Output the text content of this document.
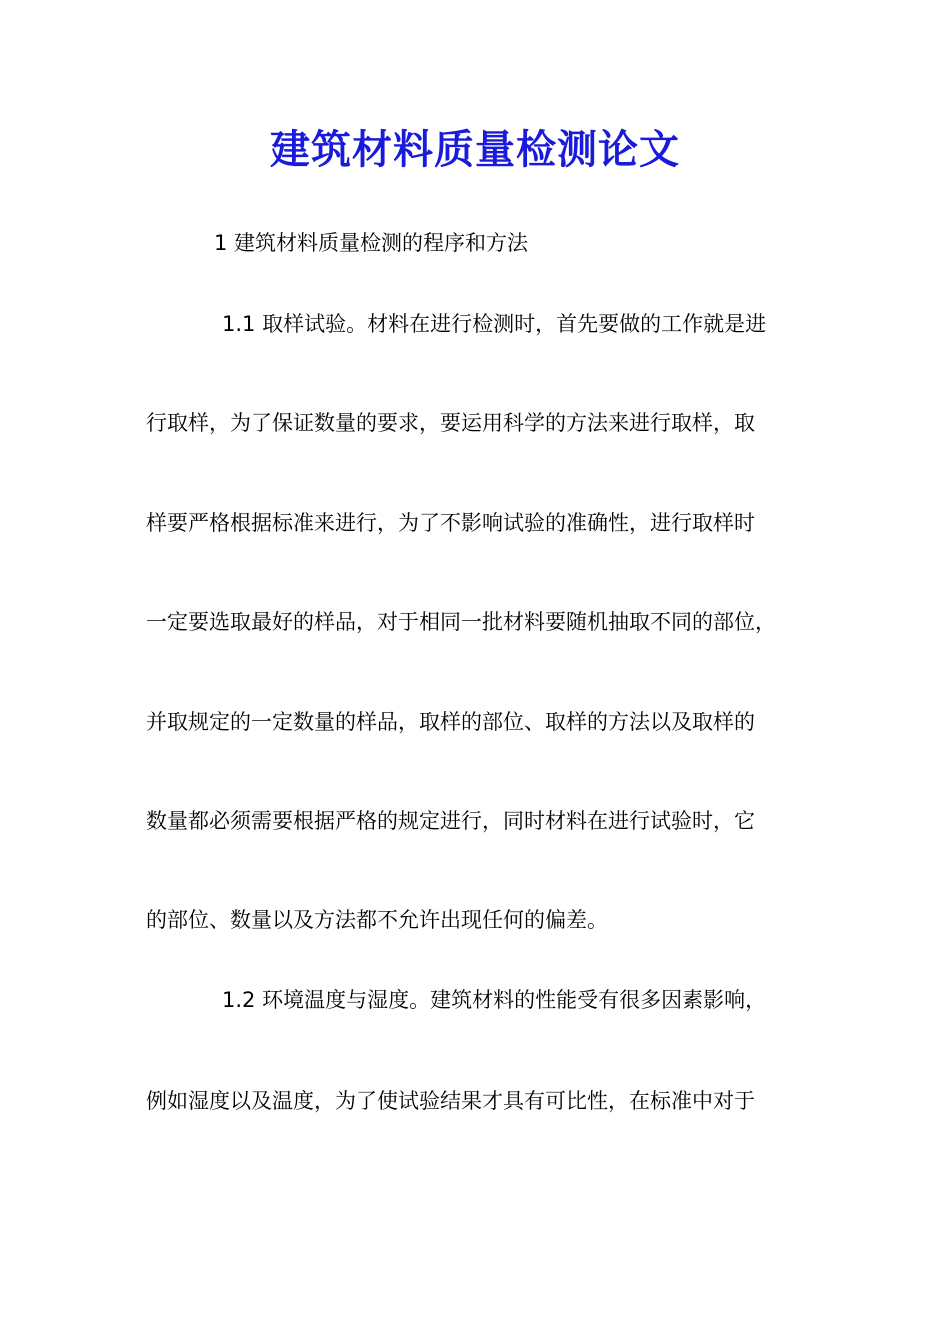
建筑材料质量检测论文
1 建筑材料质量检测的程序和方法
1.1 取样试验。材料在进行检测时，首先要做的工作就是进
行取样，为了保证数量的要求，要运用科学的方法来进行取样，取
样要严格根据标准来进行，为了不影响试验的准确性，进行取样时
一定要选取最好的样品，对于相同一批材料要随机抽取不同的部位，
并取规定的一定数量的样品，取样的部位、取样的方法以及取样的
数量都必须需要根据严格的规定进行，同时材料在进行试验时，它
的部位、数量以及方法都不允许出现任何的偏差。
1.2 环境温度与湿度。建筑材料的性能受有很多因素影响，
例如湿度以及温度，为了使试验结果才具有可比性，在标准中对于
